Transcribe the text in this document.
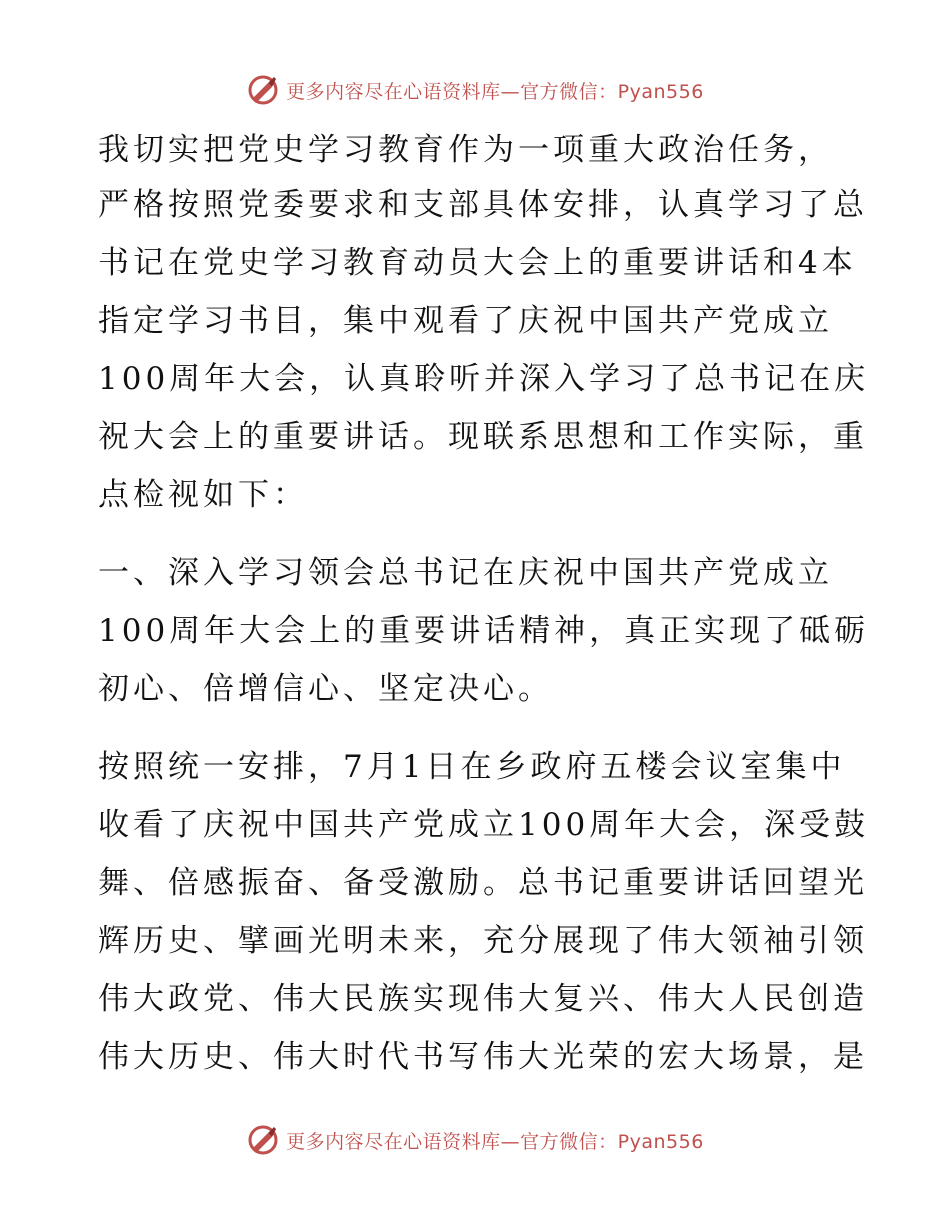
更多内容尽在心语资料库—官方微信：Pyan556
我切实把党史学习教育作为一项重大政治任务，
严格按照党委要求和支部具体安排，认真学习了总
书记在党史学习教育动员大会上的重要讲话和4本
指定学习书目，集中观看了庆祝中国共产党成立
100周年大会，认真聆听并深入学习了总书记在庆
祝大会上的重要讲话。现联系思想和工作实际，重
点检视如下：
一、深入学习领会总书记在庆祝中国共产党成立
100周年大会上的重要讲话精神，真正实现了砥砺
初心、倍增信心、坚定决心。
按照统一安排，7月1日在乡政府五楼会议室集中
收看了庆祝中国共产党成立100周年大会，深受鼓
舞、倍感振奋、备受激励。总书记重要讲话回望光
辉历史、擘画光明未来，充分展现了伟大领袖引领
伟大政党、伟大民族实现伟大复兴、伟大人民创造
伟大历史、伟大时代书写伟大光荣的宏大场景，是
更多内容尽在心语资料库—官方微信：Pyan556
